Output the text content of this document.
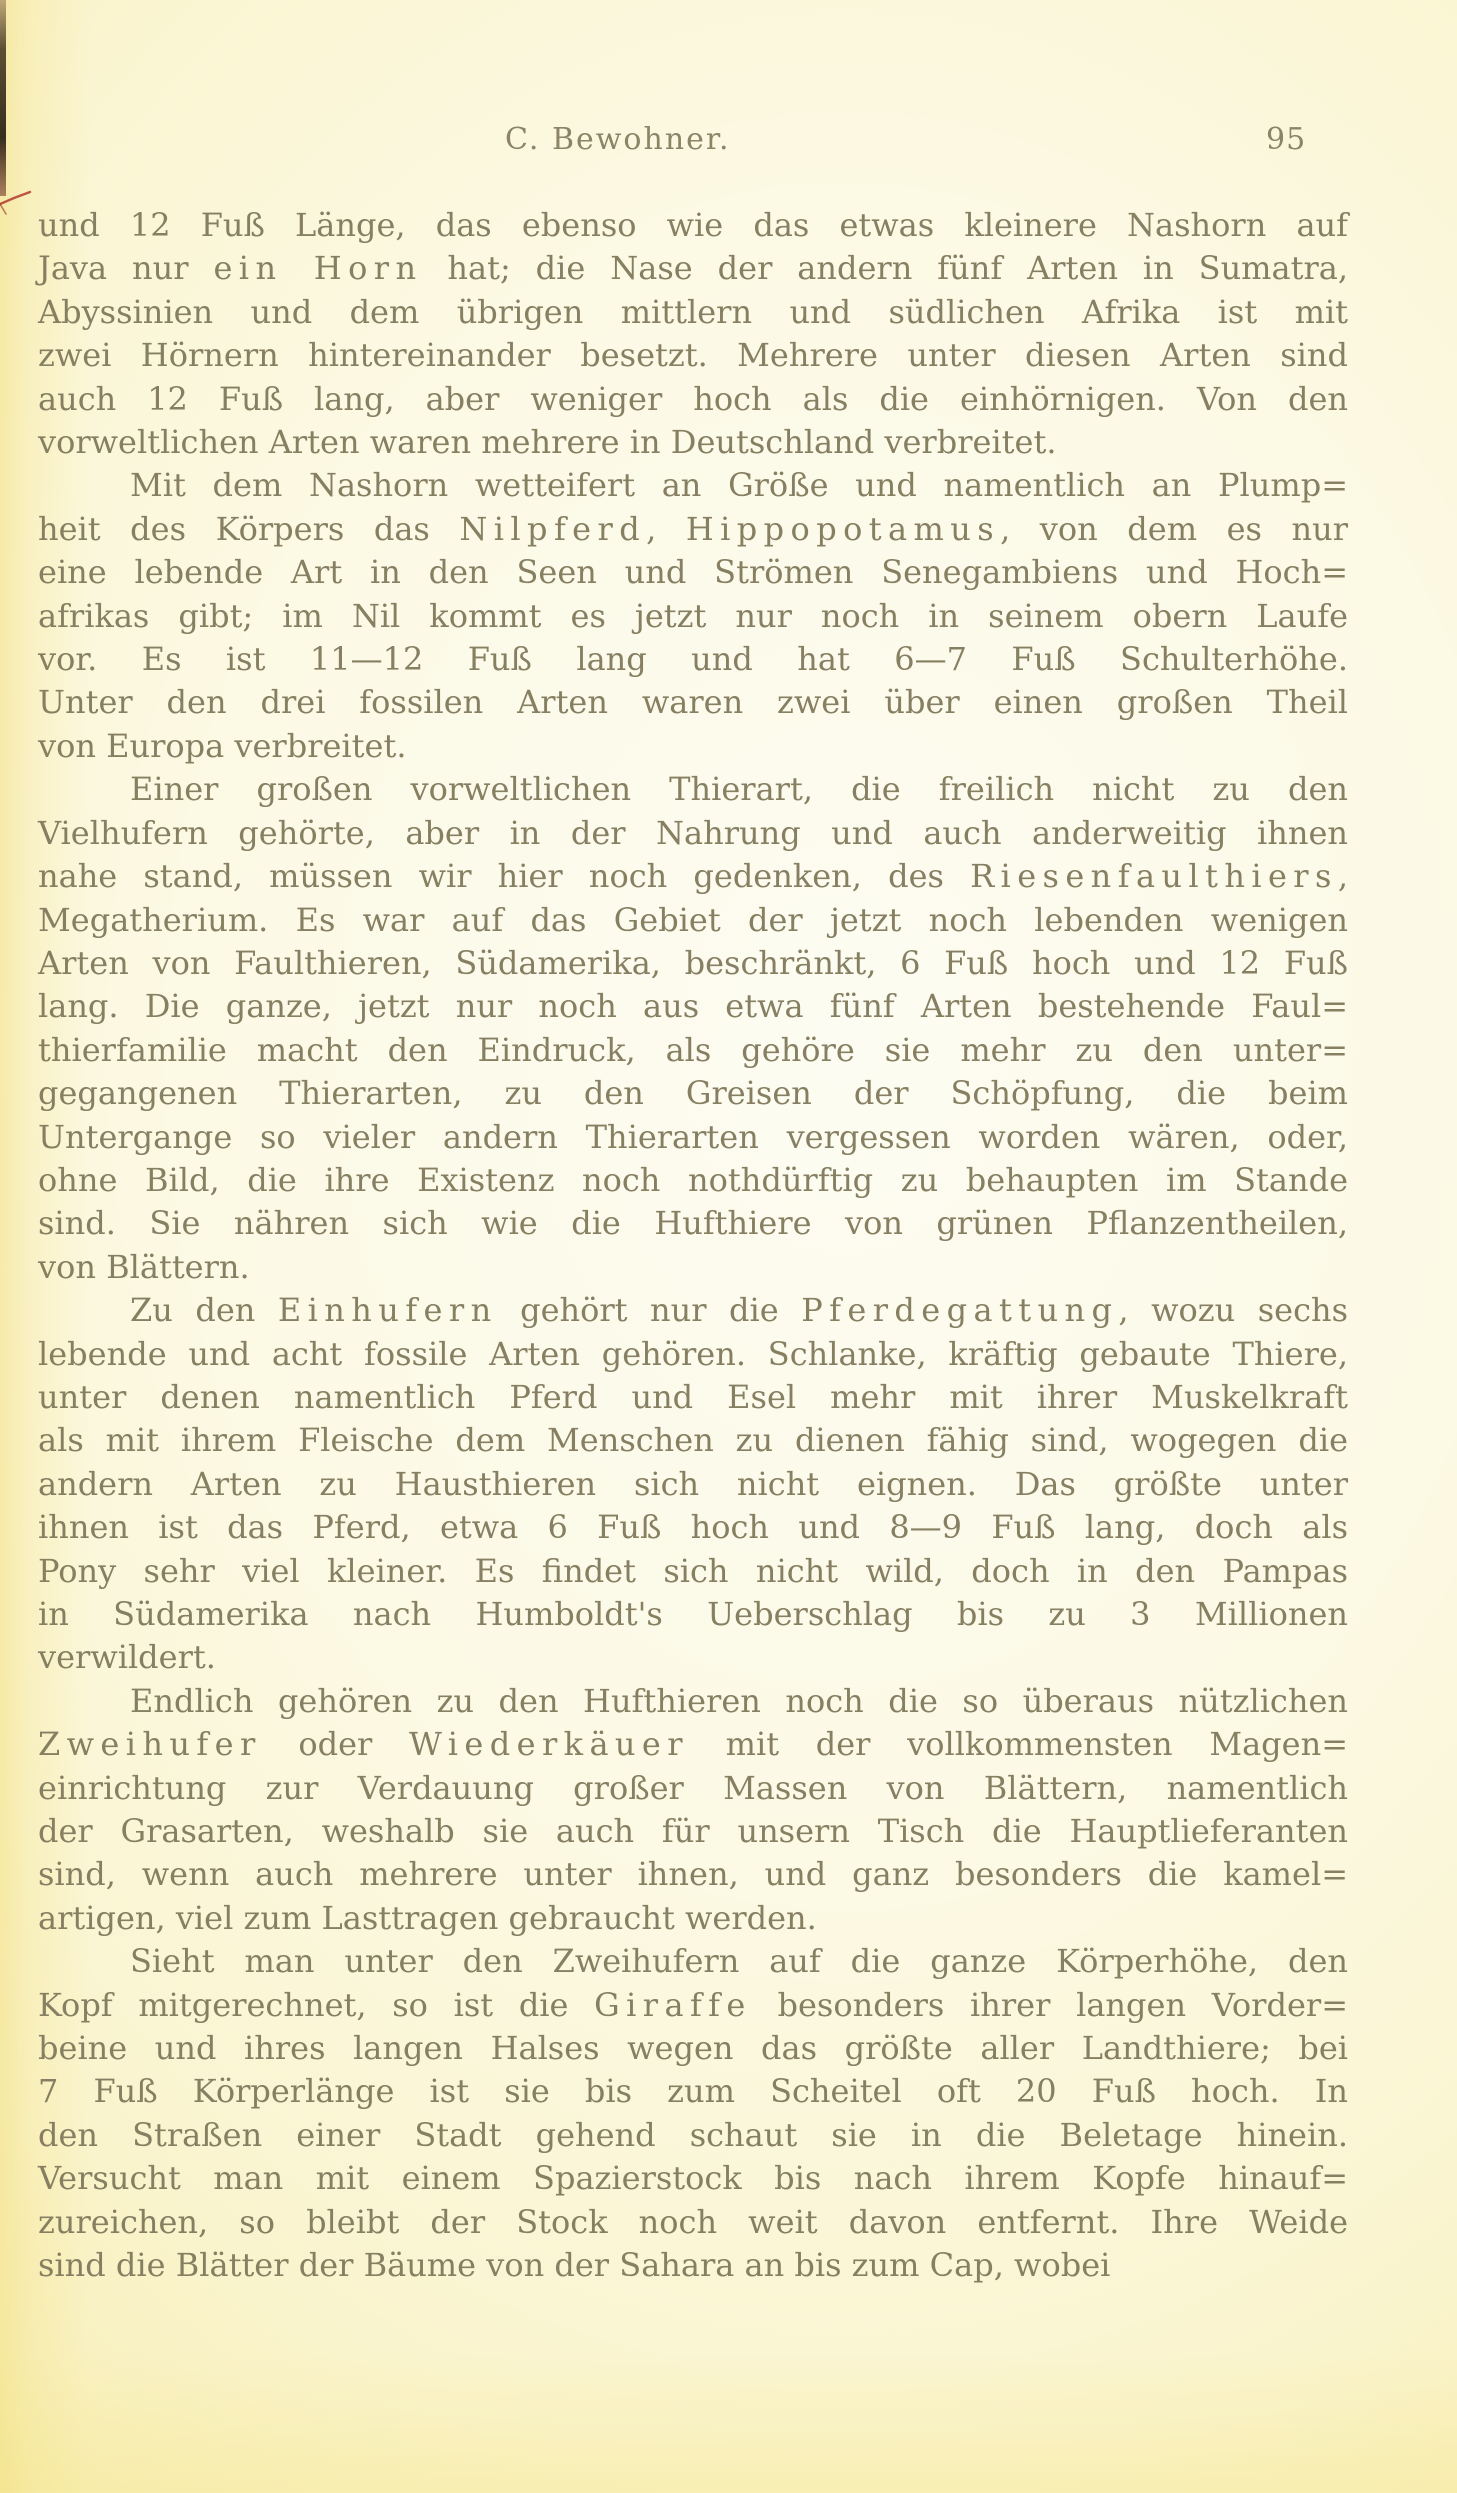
C. Bewohner.	95
und 12 Fuß Länge, das ebenso wie das etwas kleinere Nashorn auf
Java nur ein Horn hat; die Nase der andern fünf Arten in Sumatra,
Abyssinien und dem übrigen mittlern und südlichen Afrika ist mit
zwei Hörnern hintereinander besetzt. Mehrere unter diesen Arten sind
auch 12 Fuß lang, aber weniger hoch als die einhörnigen. Von den
vorweltlichen Arten waren mehrere in Deutschland verbreitet.
Mit dem Nashorn wetteifert an Größe und namentlich an Plump=
heit des Körpers das Nilpferd, Hippopotamus, von dem es nur
eine lebende Art in den Seen und Strömen Senegambiens und Hoch=
afrikas gibt; im Nil kommt es jetzt nur noch in seinem obern Laufe
vor. Es ist 11—12 Fuß lang und hat 6—7 Fuß Schulterhöhe.
Unter den drei fossilen Arten waren zwei über einen großen Theil
von Europa verbreitet.
Einer großen vorweltlichen Thierart, die freilich nicht zu den
Vielhufern gehörte, aber in der Nahrung und auch anderweitig ihnen
nahe stand, müssen wir hier noch gedenken, des Riesenfaulthiers,
Megatherium. Es war auf das Gebiet der jetzt noch lebenden wenigen
Arten von Faulthieren, Südamerika, beschränkt, 6 Fuß hoch und 12 Fuß
lang. Die ganze, jetzt nur noch aus etwa fünf Arten bestehende Faul=
thierfamilie macht den Eindruck, als gehöre sie mehr zu den unter=
gegangenen Thierarten, zu den Greisen der Schöpfung, die beim
Untergange so vieler andern Thierarten vergessen worden wären, oder,
ohne Bild, die ihre Existenz noch nothdürftig zu behaupten im Stande
sind. Sie nähren sich wie die Hufthiere von grünen Pflanzentheilen,
von Blättern.
Zu den Einhufern gehört nur die Pferdegattung, wozu sechs
lebende und acht fossile Arten gehören. Schlanke, kräftig gebaute Thiere,
unter denen namentlich Pferd und Esel mehr mit ihrer Muskelkraft
als mit ihrem Fleische dem Menschen zu dienen fähig sind, wogegen die
andern Arten zu Hausthieren sich nicht eignen. Das größte unter
ihnen ist das Pferd, etwa 6 Fuß hoch und 8—9 Fuß lang, doch als
Pony sehr viel kleiner. Es findet sich nicht wild, doch in den Pampas
in Südamerika nach Humboldt's Ueberschlag bis zu 3 Millionen
verwildert.
Endlich gehören zu den Hufthieren noch die so überaus nützlichen
Zweihufer oder Wiederkäuer mit der vollkommensten Magen=
einrichtung zur Verdauung großer Massen von Blättern, namentlich
der Grasarten, weshalb sie auch für unsern Tisch die Hauptlieferanten
sind, wenn auch mehrere unter ihnen, und ganz besonders die kamel=
artigen, viel zum Lasttragen gebraucht werden.
Sieht man unter den Zweihufern auf die ganze Körperhöhe, den
Kopf mitgerechnet, so ist die Giraffe besonders ihrer langen Vorder=
beine und ihres langen Halses wegen das größte aller Landthiere; bei
7 Fuß Körperlänge ist sie bis zum Scheitel oft 20 Fuß hoch. In
den Straßen einer Stadt gehend schaut sie in die Beletage hinein.
Versucht man mit einem Spazierstock bis nach ihrem Kopfe hinauf=
zureichen, so bleibt der Stock noch weit davon entfernt. Ihre Weide
sind die Blätter der Bäume von der Sahara an bis zum Cap, wobei
